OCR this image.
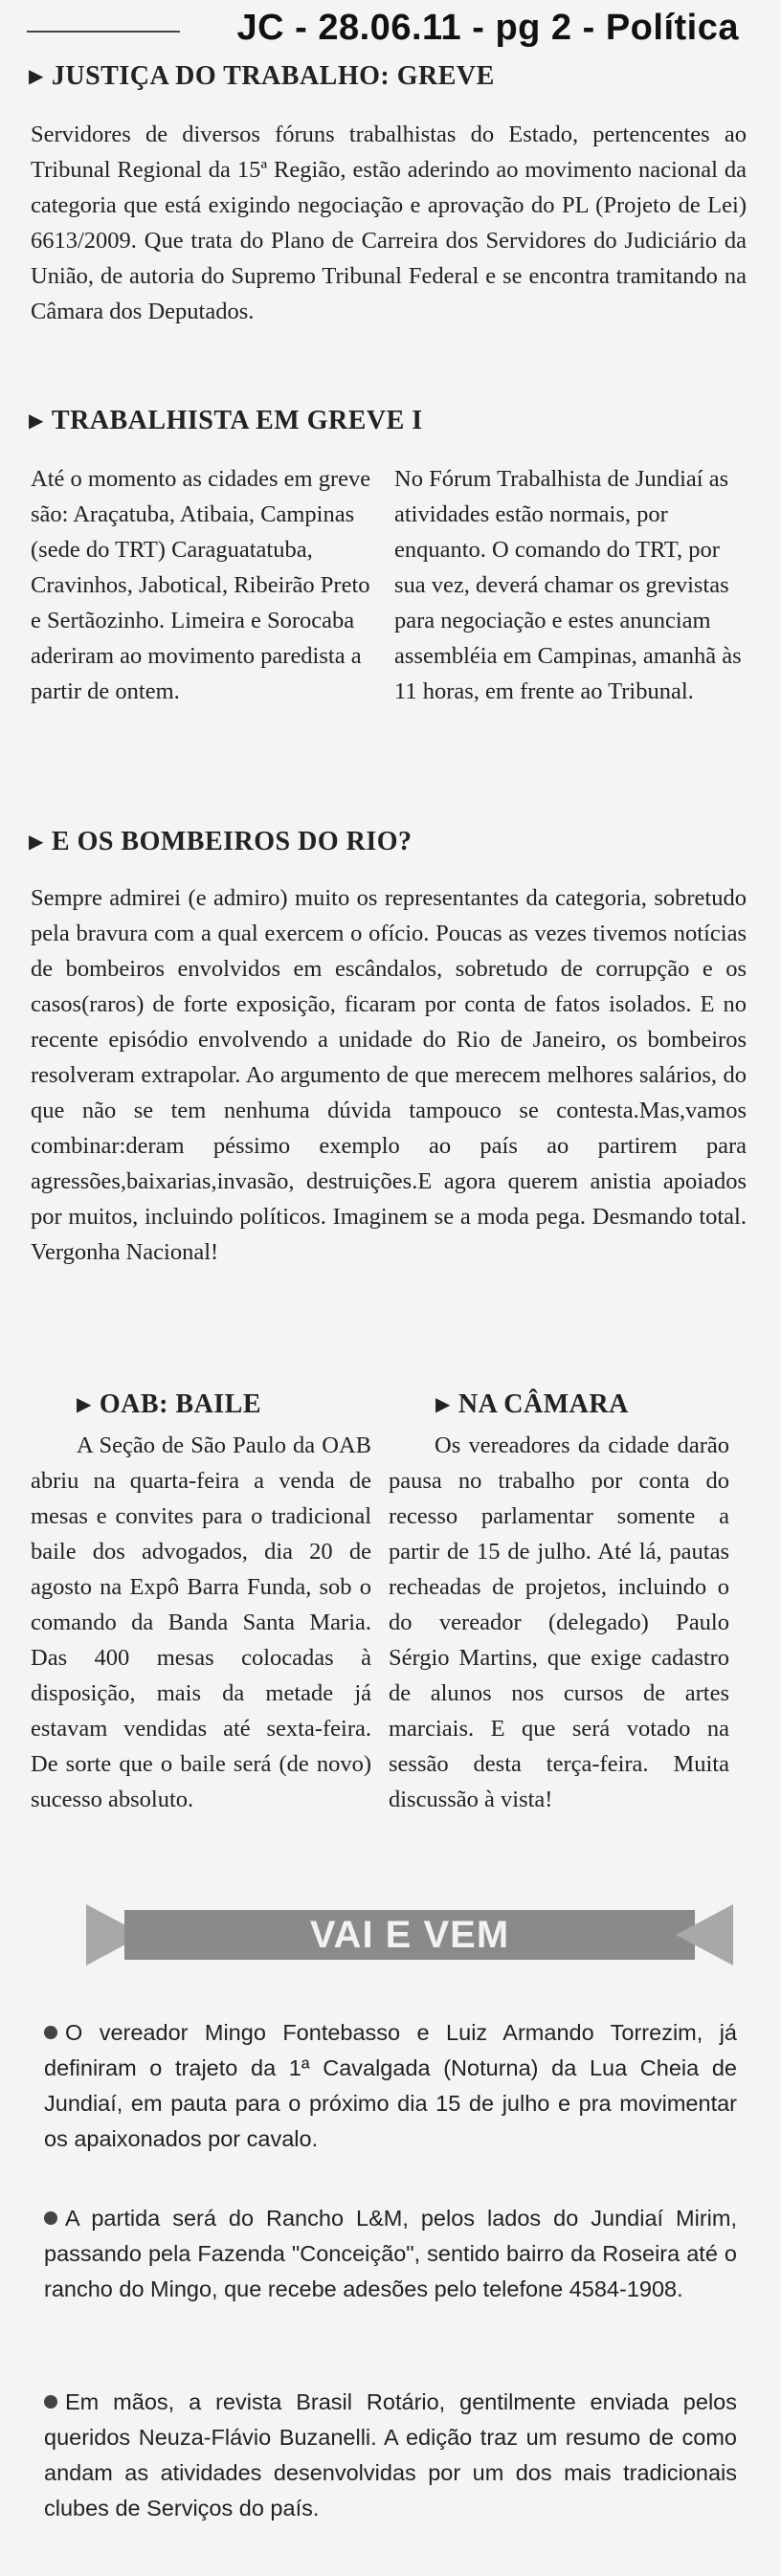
JC - 28.06.11 - pg 2 - Política
▶ JUSTIÇA DO TRABALHO: GREVE
Servidores de diversos fóruns trabalhistas do Estado, pertencentes ao Tribunal Regional da 15ª Região, estão aderindo ao movimento nacional da categoria que está exigindo negociação e aprovação do PL (Projeto de Lei) 6613/2009. Que trata do Plano de Carreira dos Servidores do Judiciário da União, de autoria do Supremo Tribunal Federal e se encontra tramitando na Câmara dos Deputados.
▶ TRABALHISTA EM GREVE I
Até o momento as cidades em greve são: Araçatuba, Atibaia, Campinas (sede do TRT) Caraguatatuba, Cravinhos, Jabotical, Ribeirão Preto e Sertãozinho. Limeira e Sorocaba aderiram ao movimento paredista a partir de ontem.
No Fórum Trabalhista de Jundiaí as atividades estão normais, por enquanto. O comando do TRT, por sua vez, deverá chamar os grevistas para negociação e estes anunciam assembléia em Campinas, amanhã às 11 horas, em frente ao Tribunal.
▶ E OS BOMBEIROS DO RIO?
Sempre admirei (e admiro) muito os representantes da categoria, sobretudo pela bravura com a qual exercem o ofício. Poucas as vezes tivemos notícias de bombeiros envolvidos em escândalos, sobretudo de corrupção e os casos(raros) de forte exposição, ficaram por conta de fatos isolados. E no recente episódio envolvendo a unidade do Rio de Janeiro, os bombeiros resolveram extrapolar. Ao argumento de que merecem melhores salários, do que não se tem nenhuma dúvida tampouco se contesta.Mas,vamos combinar:deram péssimo exemplo ao país ao partirem para agressões,baixarias,invasão, destruições.E agora querem anistia apoiados por muitos, incluindo políticos. Imaginem se a moda pega. Desmando total. Vergonha Nacional!
▶ OAB: BAILE
A Seção de São Paulo da OAB abriu na quarta-feira a venda de mesas e convites para o tradicional baile dos advogados, dia 20 de agosto na Expô Barra Funda, sob o comando da Banda Santa Maria. Das 400 mesas colocadas à disposição, mais da metade já estavam vendidas até sexta-feira. De sorte que o baile será (de novo) sucesso absoluto.
▶ NA CÂMARA
Os vereadores da cidade darão pausa no trabalho por conta do recesso parlamentar somente a partir de 15 de julho. Até lá, pautas recheadas de projetos, incluindo o do vereador (delegado) Paulo Sérgio Martins, que exige cadastro de alunos nos cursos de artes marciais. E que será votado na sessão desta terça-feira. Muita discussão à vista!
VAI E VEM
O vereador Mingo Fontebasso e Luiz Armando Torrezim, já definiram o trajeto da 1ª Cavalgada (Noturna) da Lua Cheia de Jundiaí, em pauta para o próximo dia 15 de julho e pra movimentar os apaixonados por cavalo.
A partida será do Rancho L&M, pelos lados do Jundiaí Mirim, passando pela Fazenda "Conceição", sentido bairro da Roseira até o rancho do Mingo, que recebe adesões pelo telefone 4584-1908.
Em mãos, a revista Brasil Rotário, gentilmente enviada pelos queridos Neuza-Flávio Buzanelli. A edição traz um resumo de como andam as atividades desenvolvidas por um dos mais tradicionais clubes de Serviços do país.
